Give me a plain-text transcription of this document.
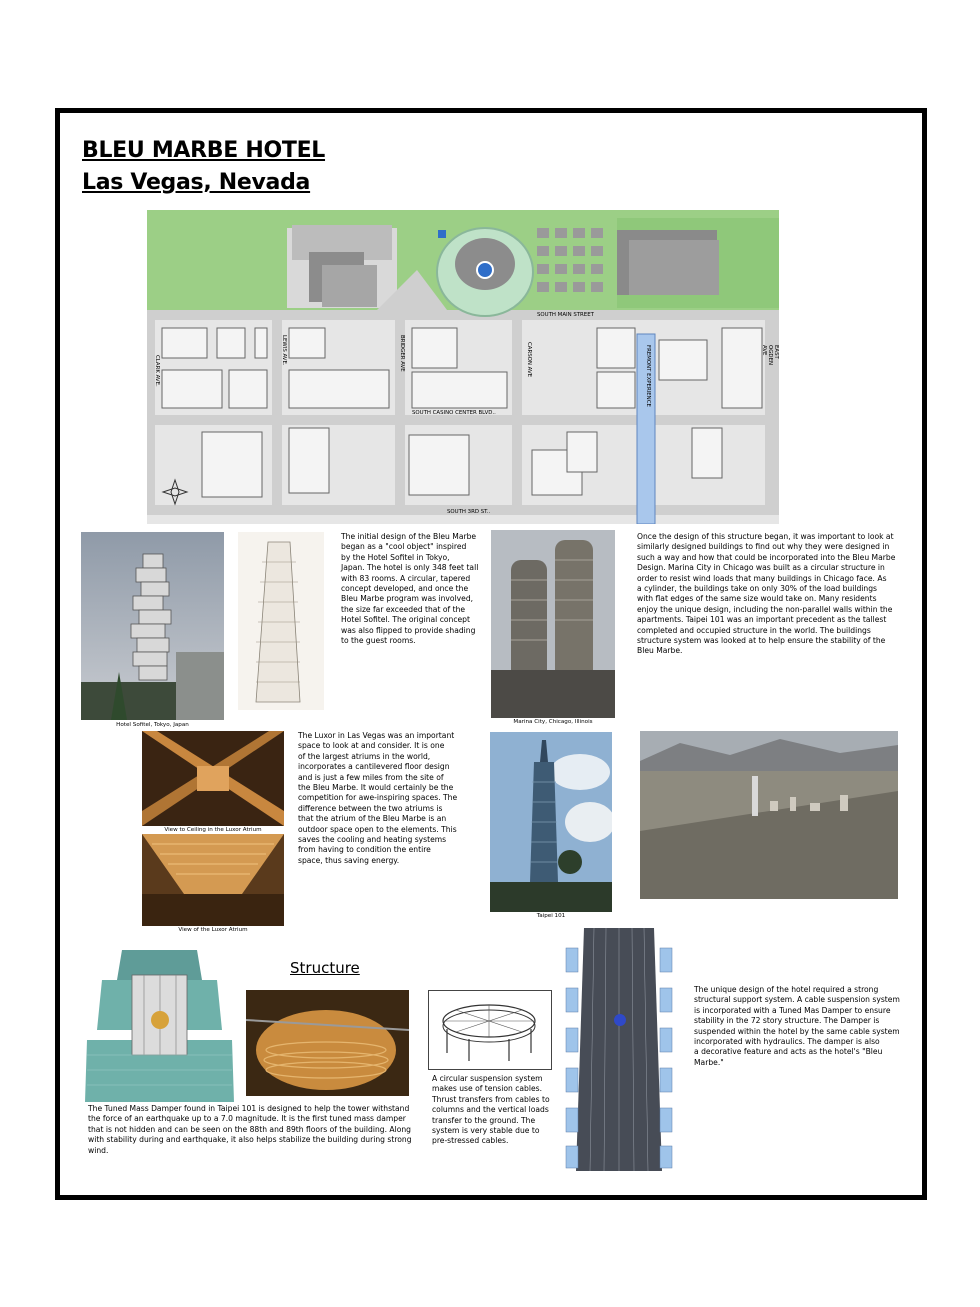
BLEU MARBE HOTEL
Las Vegas, Nevada
SOUTH MAIN STREET
SOUTH CASINO CENTER BLVD..
SOUTH 3RD ST..
CLARK AVE.
LEWIS AVE.	BRIDGER AVE	CARSON AVE	FREMONT EXPERIENCE	EAST OGDEN AVE
Hotel Sofitel, Tokyo, Japan
The initial design of the Bleu Marbe
began as a "cool object" inspired
by the Hotel Sofitel in Tokyo,
Japan. The hotel is only 348 feet tall
with 83 rooms. A circular, tapered
concept developed, and once the
Bleu Marbe program was involved,
the size far exceeded that of the
Hotel Sofitel. The original concept
was also flipped to provide shading
to the guest rooms.
Marina City, Chicago, Illinois
Once the design of this structure began, it was important to look at
similarly designed buildings to find out why they were designed in
such a way and how that could be incorporated into the Bleu Marbe
Design. Marina City in Chicago was built as a circular structure in
order to resist wind loads that many buildings in Chicago face. As
a cylinder, the buildings take on only 30% of the load buildings
with flat edges of the same size would take on. Many residents
enjoy the unique design, including the non-parallel walls within the
apartments. Taipei 101 was an important precedent as the tallest
completed and occupied structure in the world. The buildings
structure system was looked at to help ensure the stability of the
Bleu Marbe.
View to Ceiling in the Luxor Atrium
View of the Luxor Atrium
The Luxor in Las Vegas was an important
space to look at and consider. It is one
of the largest atriums in the world,
incorporates a cantilevered floor design
and is just a few miles from the site of
the Bleu Marbe. It would certainly be the
competition for awe-inspiring spaces. The
difference between the two atriums is
that the atrium of the Bleu Marbe is an
outdoor space open to the elements. This
saves the cooling and heating systems
from having to condition the entire
space, thus saving energy.
Taipei 101
Structure
The Tuned Mass Damper found in Taipei 101 is designed to help the tower withstand
the force of an earthquake up to a 7.0 magnitude. It is the first tuned mass damper
that is not hidden and can be seen on the 88th and 89th floors of the building. Along
with stability during and earthquake, it also helps stabilize the building during strong
wind.
A circular suspension system
makes use of tension cables.
Thrust transfers from cables to
columns and the vertical loads
transfer to the ground. The
system is very stable due to
pre-stressed cables.
The unique design of the hotel required a strong
structural support system. A cable suspension system
is incorporated with a Tuned Mas Damper to ensure
stability in the 72 story structure. The Damper is
suspended within the hotel by the same cable system
incorporated with hydraulics. The damper is also
a decorative feature and acts as the hotel's "Bleu
Marbe."
